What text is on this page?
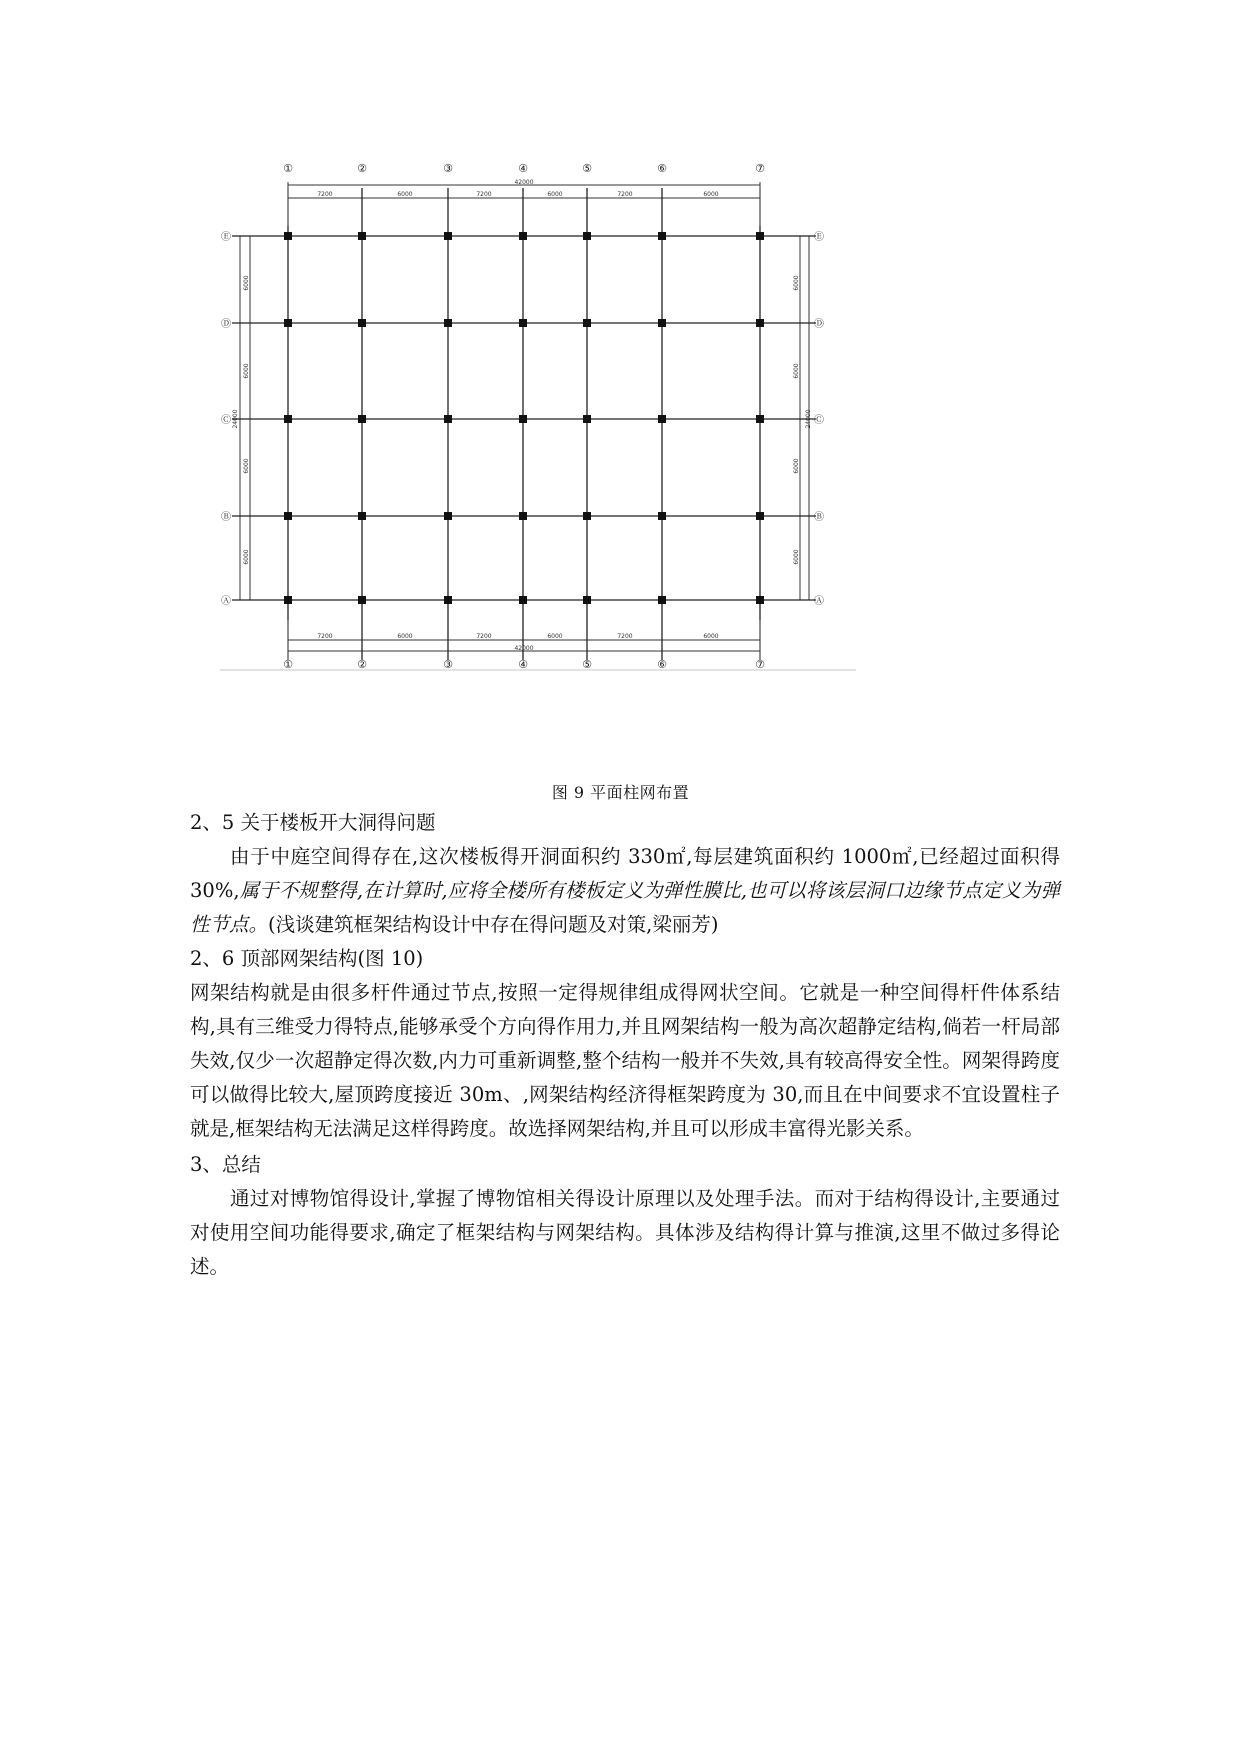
42000
7200	6000	7200	6000	7200	6000
7200	6000	7200	6000	7200	6000
42000
6000
6000
24000
6000
6000
6000
6000
24000
6000
6000
①	②	③	④	⑤	⑥	⑦
①	②	③	④	⑤	⑥	⑦
Ⓔ
Ⓓ
Ⓒ
Ⓑ
Ⓐ
Ⓔ
Ⓓ
Ⓒ
Ⓑ
Ⓐ
图 9 平面柱网布置

2、5 关于楼板开大洞得问题

由于中庭空间得存在,这次楼板得开洞面积约 330㎡,每层建筑面积约 1000㎡,已经超过面积得 30%,属于不规整得,在计算时,应将全楼所有楼板定义为弹性膜比,也可以将该层洞口边缘节点定义为弹性节点。(浅谈建筑框架结构设计中存在得问题及对策,梁丽芳)

2、6 顶部网架结构(图 10)

网架结构就是由很多杆件通过节点,按照一定得规律组成得网状空间。它就是一种空间得杆件体系结构,具有三维受力得特点,能够承受个方向得作用力,并且网架结构一般为高次超静定结构,倘若一杆局部失效,仅少一次超静定得次数,内力可重新调整,整个结构一般并不失效,具有较高得安全性。网架得跨度可以做得比较大,屋顶跨度接近 30m、,网架结构经济得框架跨度为 30,而且在中间要求不宜设置柱子就是,框架结构无法满足这样得跨度。故选择网架结构,并且可以形成丰富得光影关系。

3、总结

通过对博物馆得设计,掌握了博物馆相关得设计原理以及处理手法。而对于结构得设计,主要通过对使用空间功能得要求,确定了框架结构与网架结构。具体涉及结构得计算与推演,这里不做过多得论述。
